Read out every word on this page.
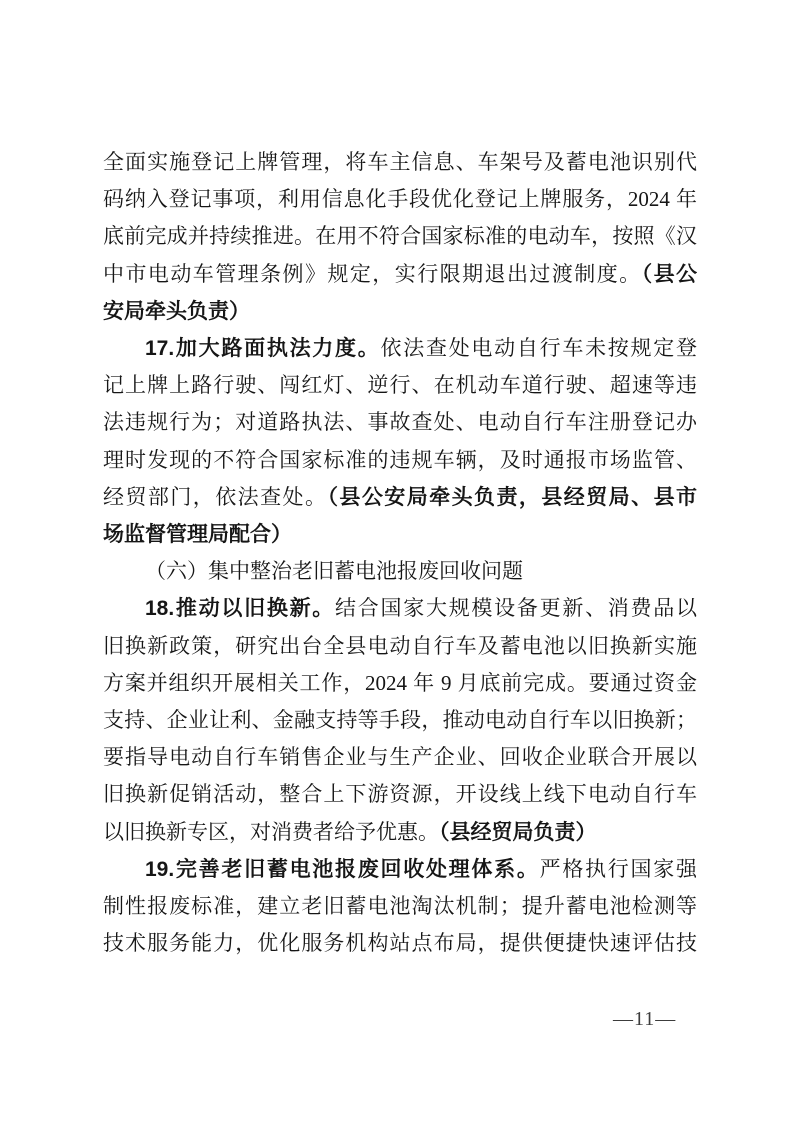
全面实施登记上牌管理，将车主信息、车架号及蓄电池识别代
码纳入登记事项，利用信息化手段优化登记上牌服务，2024 年
底前完成并持续推进。在用不符合国家标准的电动车，按照《汉
中市电动车管理条例》规定，实行限期退出过渡制度。（县公
安局牵头负责）
17.加大路面执法力度。依法查处电动自行车未按规定登
记上牌上路行驶、闯红灯、逆行、在机动车道行驶、超速等违
法违规行为；对道路执法、事故查处、电动自行车注册登记办
理时发现的不符合国家标准的违规车辆，及时通报市场监管、
经贸部门，依法查处。（县公安局牵头负责，县经贸局、县市
场监督管理局配合）
（六）集中整治老旧蓄电池报废回收问题
18.推动以旧换新。结合国家大规模设备更新、消费品以
旧换新政策，研究出台全县电动自行车及蓄电池以旧换新实施
方案并组织开展相关工作，2024 年 9 月底前完成。要通过资金
支持、企业让利、金融支持等手段，推动电动自行车以旧换新；
要指导电动自行车销售企业与生产企业、回收企业联合开展以
旧换新促销活动，整合上下游资源，开设线上线下电动自行车
以旧换新专区，对消费者给予优惠。（县经贸局负责）
19.完善老旧蓄电池报废回收处理体系。严格执行国家强
制性报废标准，建立老旧蓄电池淘汰机制；提升蓄电池检测等
技术服务能力，优化服务机构站点布局，提供便捷快速评估技
—11—
